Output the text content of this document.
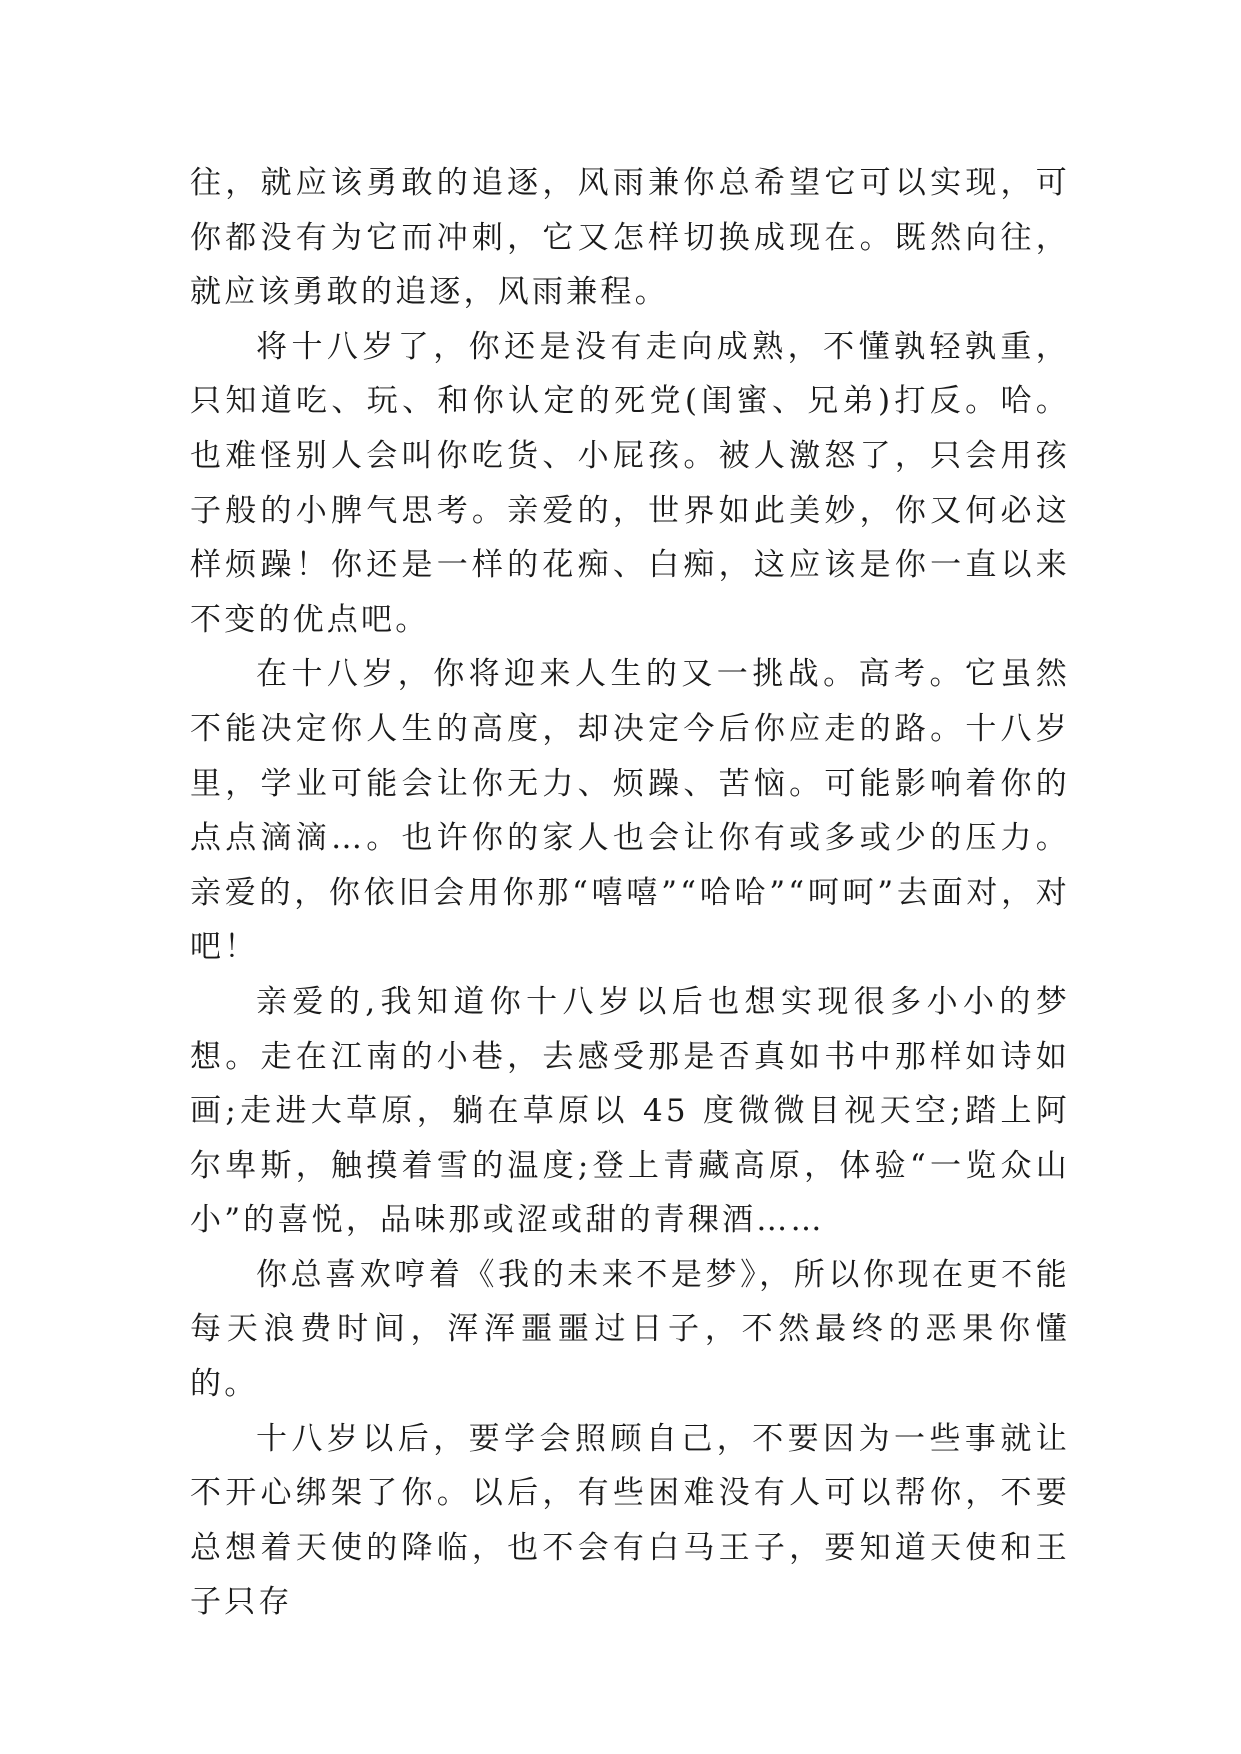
往，就应该勇敢的追逐，风雨兼你总希望它可以实现，可你都没有为它而冲刺，它又怎样切换成现在。既然向往，就应该勇敢的追逐，风雨兼程。

将十八岁了，你还是没有走向成熟，不懂孰轻孰重，只知道吃、玩、和你认定的死党(闺蜜、兄弟)打反。哈。也难怪别人会叫你吃货、小屁孩。被人激怒了，只会用孩子般的小脾气思考。亲爱的，世界如此美妙，你又何必这样烦躁！你还是一样的花痴、白痴，这应该是你一直以来不变的优点吧。

在十八岁，你将迎来人生的又一挑战。高考。它虽然不能决定你人生的高度，却决定今后你应走的路。十八岁里，学业可能会让你无力、烦躁、苦恼。可能影响着你的点点滴滴…。也许你的家人也会让你有或多或少的压力。亲爱的，你依旧会用你那“嘻嘻”“哈哈”“呵呵”去面对，对吧！

亲爱的,我知道你十八岁以后也想实现很多小小的梦想。走在江南的小巷，去感受那是否真如书中那样如诗如画;走进大草原，躺在草原以 45 度微微目视天空;踏上阿尔卑斯，触摸着雪的温度;登上青藏高原，体验“一览众山小”的喜悦，品味那或涩或甜的青稞酒……

你总喜欢哼着《我的未来不是梦》，所以你现在更不能每天浪费时间，浑浑噩噩过日子，不然最终的恶果你懂的。

十八岁以后，要学会照顾自己，不要因为一些事就让不开心绑架了你。以后，有些困难没有人可以帮你，不要总想着天使的降临，也不会有白马王子，要知道天使和王子只存
